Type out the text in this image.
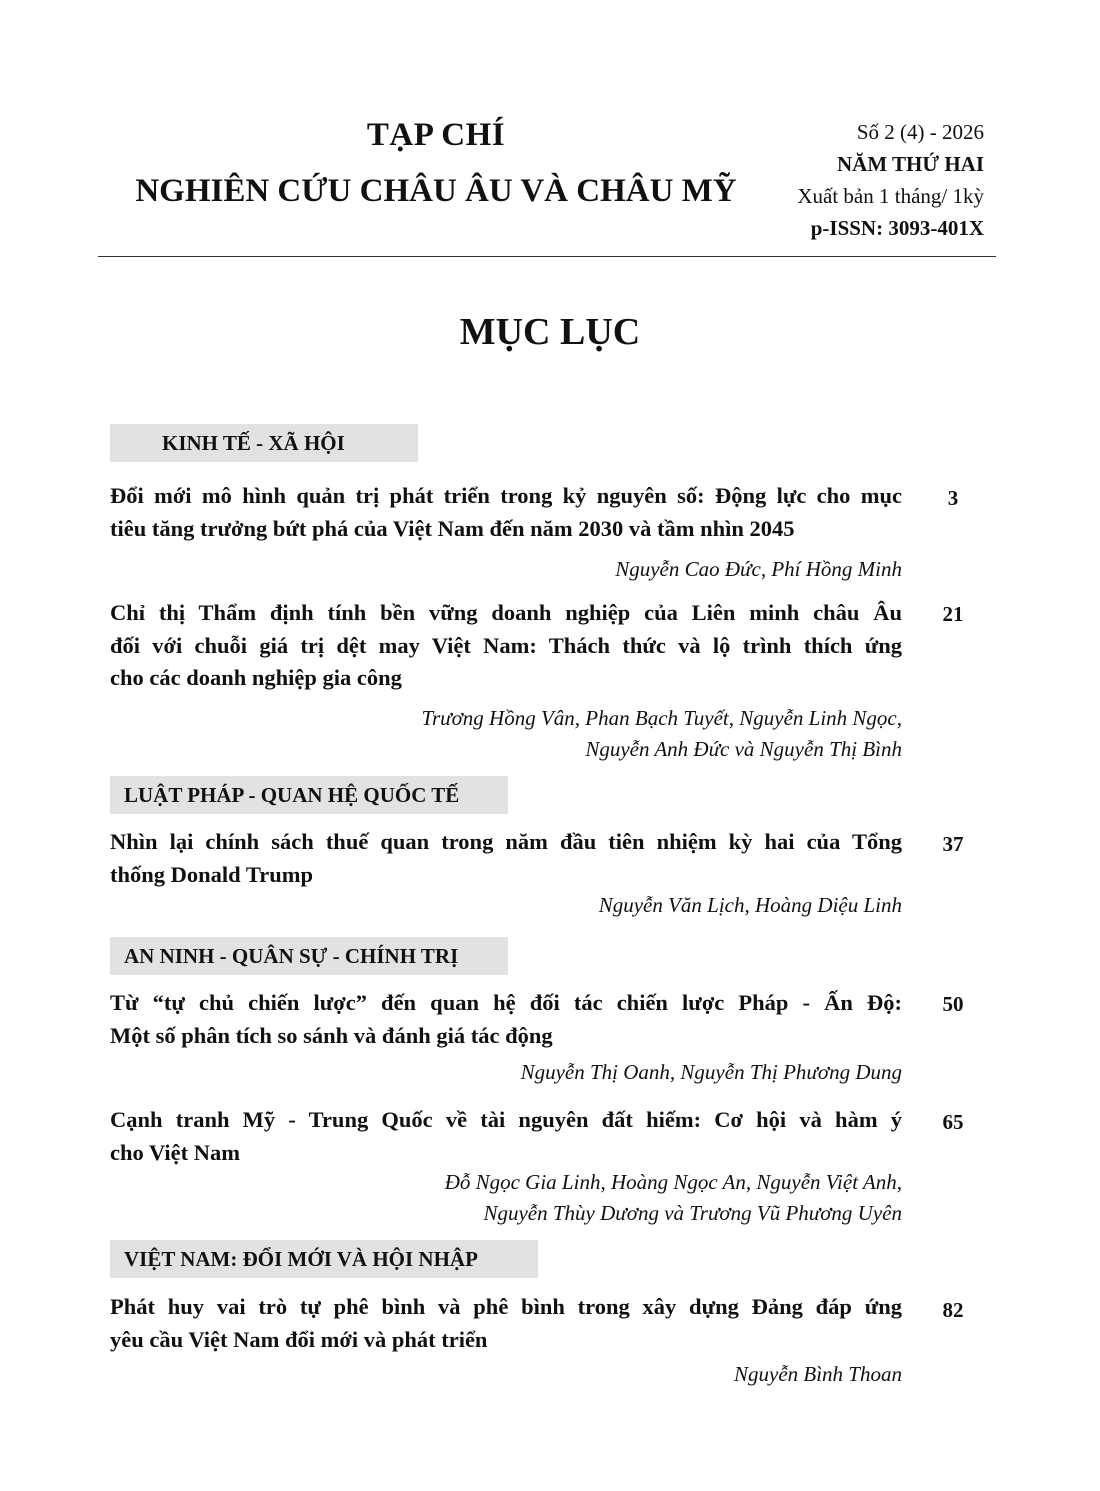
TẠP CHÍ
NGHIÊN CỨU CHÂU ÂU VÀ CHÂU MỸ
Số 2 (4) - 2026
NĂM THỨ HAI
Xuất bản 1 tháng/ 1kỳ
p-ISSN: 3093-401X
MỤC LỤC
KINH TẾ - XÃ HỘI
Đổi mới mô hình quản trị phát triển trong kỷ nguyên số: Động lực cho mục
tiêu tăng trưởng bứt phá của Việt Nam đến năm 2030 và tầm nhìn 2045
3
Nguyễn Cao Đức, Phí Hồng Minh
Chỉ thị Thẩm định tính bền vững doanh nghiệp của Liên minh châu Âu
đối với chuỗi giá trị dệt may Việt Nam: Thách thức và lộ trình thích ứng
cho các doanh nghiệp gia công
21
Trương Hồng Vân, Phan Bạch Tuyết, Nguyễn Linh Ngọc,
Nguyễn Anh Đức và Nguyễn Thị Bình
LUẬT PHÁP - QUAN HỆ QUỐC TẾ
Nhìn lại chính sách thuế quan trong năm đầu tiên nhiệm kỳ hai của Tổng
thống Donald Trump
37
Nguyễn Văn Lịch, Hoàng Diệu Linh
AN NINH - QUÂN SỰ - CHÍNH TRỊ
Từ “tự chủ chiến lược” đến quan hệ đối tác chiến lược Pháp - Ấn Độ:
Một số phân tích so sánh và đánh giá tác động
50
Nguyễn Thị Oanh, Nguyễn Thị Phương Dung
Cạnh tranh Mỹ - Trung Quốc về tài nguyên đất hiếm: Cơ hội và hàm ý
cho Việt Nam
65
Đỗ Ngọc Gia Linh, Hoàng Ngọc An, Nguyễn Việt Anh,
Nguyễn Thùy Dương và Trương Vũ Phương Uyên
VIỆT NAM: ĐỔI MỚI VÀ HỘI NHẬP
Phát huy vai trò tự phê bình và phê bình trong xây dựng Đảng đáp ứng
yêu cầu Việt Nam đổi mới và phát triển
82
Nguyễn Bình Thoan
